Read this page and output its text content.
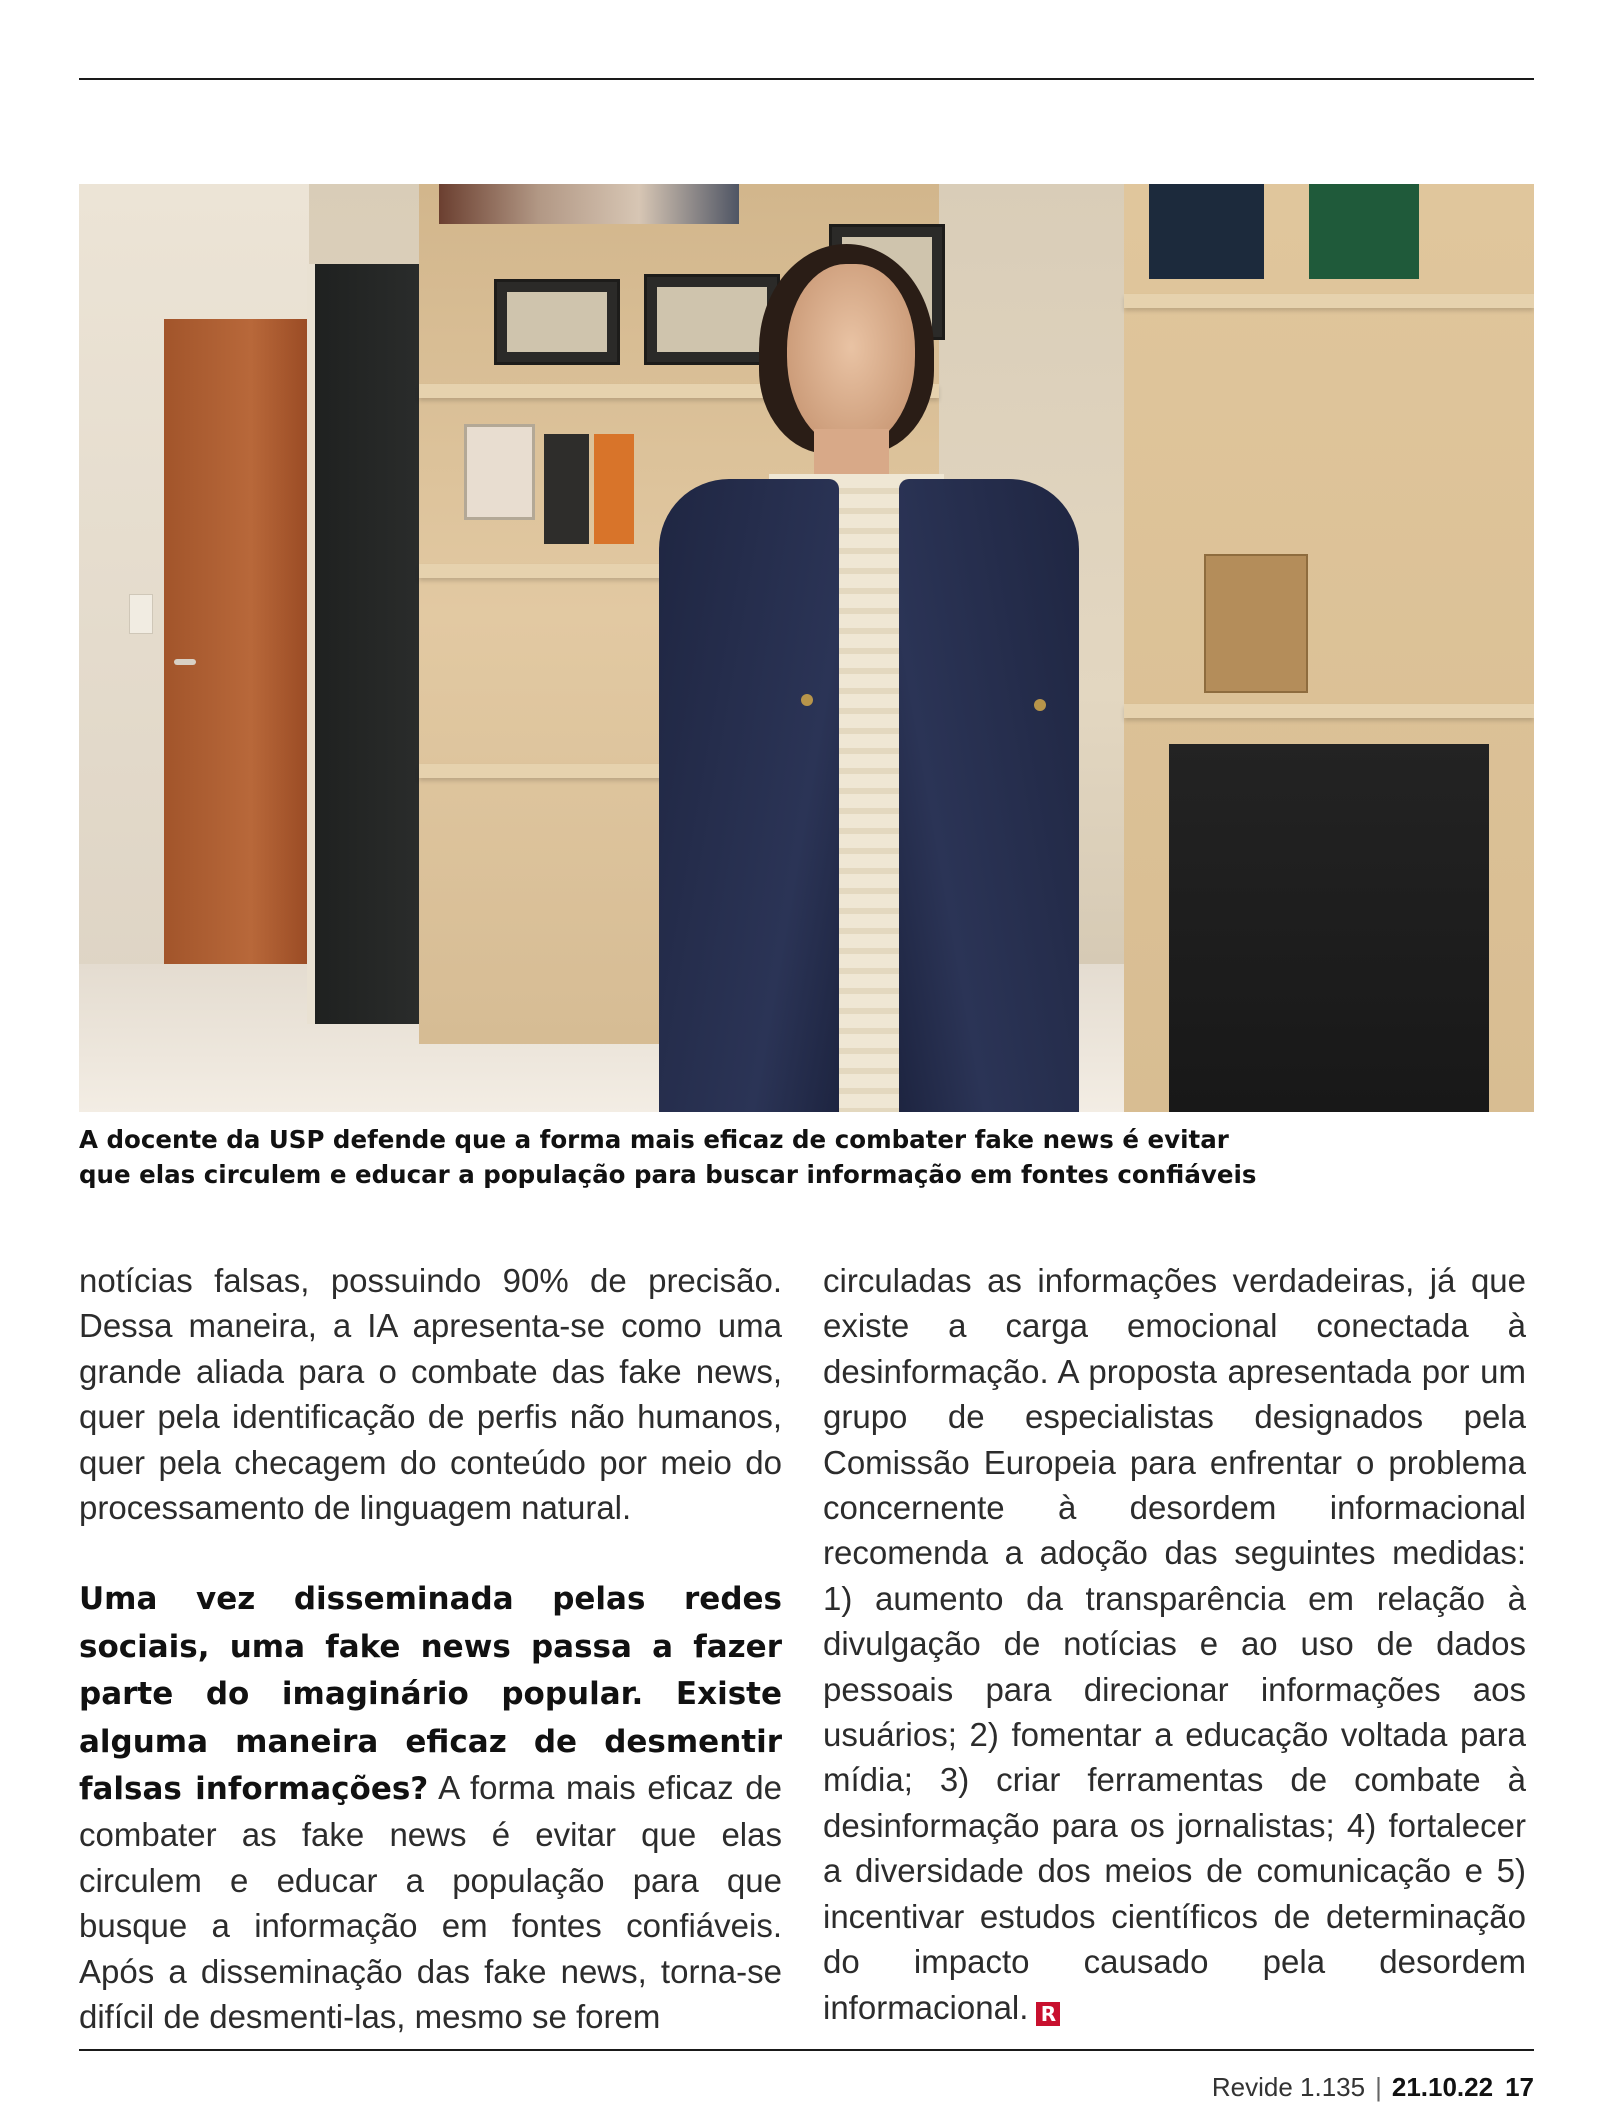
A docente da USP defende que a forma mais eficaz de combater fake news é evitar
que elas circulem e educar a população para buscar informação em fontes confiáveis

notícias falsas, possuindo 90% de precisão. Dessa maneira, a IA apresenta-se como uma grande aliada para o combate das fake news, quer pela identificação de perfis não humanos, quer pela checagem do conteúdo por meio do processamento de linguagem natural.

Uma vez disseminada pelas redes sociais, uma fake news passa a fazer parte do imaginário popular. Existe alguma maneira eficaz de desmentir falsas informações? A forma mais eficaz de combater as fake news é evitar que elas circulem e educar a população para que busque a informação em fontes confiáveis. Após a disseminação das fake news, torna-se difícil de desmenti-las, mesmo se forem

circuladas as informações verdadeiras, já que existe a carga emocional conectada à desinformação. A proposta apresentada por um grupo de especialistas designados pela Comissão Europeia para enfrentar o problema concernente à desordem informacional recomenda a adoção das seguintes medidas: 1) aumento da transparência em relação à divulgação de notícias e ao uso de dados pessoais para direcionar informações aos usuários; 2) fomentar a educação voltada para mídia; 3) criar ferramentas de combate à desinformação para os jornalistas; 4) fortalecer a diversidade dos meios de comunicação e 5) incentivar estudos científicos de determinação do impacto causado pela desordem informacional. R

Revide 1.135 | 21.10.22 17
